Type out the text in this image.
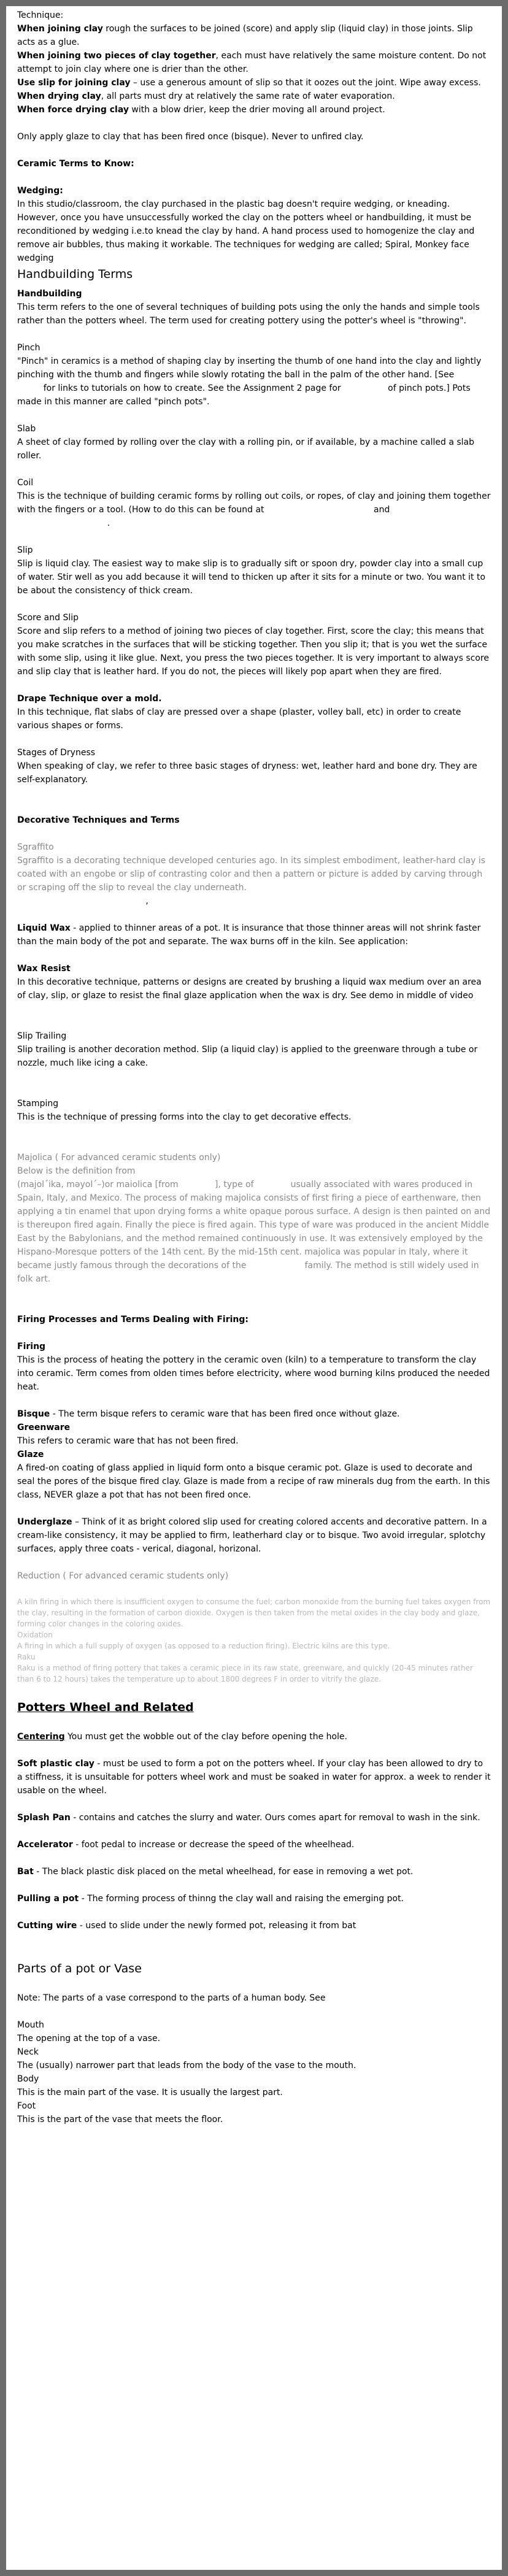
Technique:

When joining clay rough the surfaces to be joined (score) and apply slip (liquid clay) in those joints. Slip acts as a glue.

When joining two pieces of clay together, each must have relatively the same moisture content. Do not attempt to join clay where one is drier than the other.

Use slip for joining clay – use a generous amount of slip so that it oozes out the joint. Wipe away excess.

When drying clay, all parts must dry at relatively the same rate of water evaporation.

When force drying clay with a blow drier, keep the drier moving all around project.

Only apply glaze to clay that has been fired once (bisque). Never to unfired clay.

Ceramic Terms to Know:

Wedging:

In this studio/classroom, the clay purchased in the plastic bag doesn't require wedging, or kneading. However, once you have unsuccessfully worked the clay on the potters wheel or handbuilding, it must be reconditioned by wedging i.e.to knead the clay by hand. A hand process used to homogenize the clay and remove air bubbles, thus making it workable. The techniques for wedging are called; Spiral, Monkey face wedging

Handbuilding Terms

Handbuilding

This term refers to the one of several techniques of building pots using the only the hands and simple tools rather than the potters wheel. The term used for creating pottery using the potter's wheel is "throwing".

Pinch

"Pinch" in ceramics is a method of shaping clay by inserting the thumb of one hand into the clay and lightly pinching with the thumb and fingers while slowly rotating the ball in the palm of the other hand. [See this video for links to tutorials on how to create. See the Assignment 2 page for examples of pinch pots.] Pots made in this manner are called "pinch pots".

Slab

A sheet of clay formed by rolling over the clay with a rolling pin, or if available, by a machine called a slab roller.

Coil

This is the technique of building ceramic forms by rolling out coils, or ropes, of clay and joining them together with the fingers or a tool. (How to do this can be found at this coil building tutorial and this coil pot video tutorial from a potter.

Slip

Slip is liquid clay. The easiest way to make slip is to gradually sift or spoon dry, powder clay into a small cup of water. Stir well as you add because it will tend to thicken up after it sits for a minute or two. You want it to be about the consistency of thick cream.

Score and Slip

Score and slip refers to a method of joining two pieces of clay together. First, score the clay; this means that you make scratches in the surfaces that will be sticking together. Then you slip it; that is you wet the surface with some slip, using it like glue. Next, you press the two pieces together. It is very important to always score and slip clay that is leather hard. If you do not, the pieces will likely pop apart when they are fired.

Drape Technique over a mold.

In this technique, flat slabs of clay are pressed over a shape (plaster, volley ball, etc) in order to create various shapes or forms.

Stages of Dryness

When speaking of clay, we refer to three basic stages of dryness: wet, leather hard and bone dry. They are self-explanatory.

Decorative Techniques and Terms

Sgraffito

Sgraffito is a decorating technique developed centuries ago. In its simplest embodiment, leather-hard clay is coated with an engobe or slip of contrasting color and then a pattern or picture is added by carving through or scraping off the slip to reveal the clay underneath.

Sgraffito demonstration video, See examples

Liquid Wax - applied to thinner areas of a pot. It is insurance that those thinner areas will not shrink faster than the main body of the pot and separate. The wax burns off in the kiln. See application: liquid wax application video link

Wax Resist

In this decorative technique, patterns or designs are created by brushing a liquid wax medium over an area of clay, slip, or glaze to resist the final glaze application when the wax is dry. See demo in middle of video wax resist demo video link

Slip Trailing

Slip trailing is another decoration method. Slip (a liquid clay) is applied to the greenware through a tube or nozzle, much like icing a cake. Slip trailing video link See examples

slip trailing tutorial video link

Stamping

This is the technique of pressing forms into the clay to get decorative effects.

See examples of stamping in ceramics

Majolica ( For advanced ceramic students only)

Below is the definition from Merriam-Webster
(majol´ika, məyol´–)or maiolica [from Majorca], type of pottery usually associated with wares produced in Spain, Italy, and Mexico. The process of making majolica consists of first firing a piece of earthenware, then applying a tin enamel that upon drying forms a white opaque porous surface. A design is then painted on and is thereupon fired again. Finally the piece is fired again. This type of ware was produced in the ancient Middle East by the Babylonians, and the method remained continuously in use. It was extensively employed by the Hispano-Moresque potters of the 14th cent. By the mid-15th cent. majolica was popular in Italy, where it became justly famous through the decorations of the della Robbia family. The method is still widely used in folk art.

Firing Processes and Terms Dealing with Firing:

Firing

This is the process of heating the pottery in the ceramic oven (kiln) to a temperature to transform the clay into ceramic. Term comes from olden times before electricity, where wood burning kilns produced the needed heat.

Bisque - The term bisque refers to ceramic ware that has been fired once without glaze.

Greenware

This refers to ceramic ware that has not been fired.

Glaze

A fired-on coating of glass applied in liquid form onto a bisque ceramic pot. Glaze is used to decorate and seal the pores of the bisque fired clay. Glaze is made from a recipe of raw minerals dug from the earth. In this class, NEVER glaze a pot that has not been fired once.

Underglaze – Think of it as bright colored slip used for creating colored accents and decorative pattern. In a cream-like consistency, it may be applied to firm, leatherhard clay or to bisque. Two avoid irregular, splotchy surfaces, apply three coats - verical, diagonal, horizonal.

Reduction ( For advanced ceramic students only)

A kiln firing in which there is insufficient oxygen to consume the fuel; carbon monoxide from the burning fuel takes oxygen from the clay, resulting in the formation of carbon dioxide. Oxygen is then taken from the metal oxides in the clay body and glaze, forming color changes in the coloring oxides.

Oxidation

A firing in which a full supply of oxygen (as opposed to a reduction firing). Electric kilns are this type.

Raku

Raku is a method of firing pottery that takes a ceramic piece in its raw state, greenware, and quickly (20-45 minutes rather than 6 to 12 hours) takes the temperature up to about 1800 degrees F in order to vitrify the glaze.

Potters Wheel and Related

Centering You must get the wobble out of the clay before opening the hole.

Soft plastic clay - must be used to form a pot on the potters wheel. If your clay has been allowed to dry to a stiffness, it is unsuitable for potters wheel work and must be soaked in water for approx. a week to render it usable on the wheel.

Splash Pan - contains and catches the slurry and water. Ours comes apart for removal to wash in the sink.

Accelerator - foot pedal to increase or decrease the speed of the wheelhead.

Bat - The black plastic disk placed on the metal wheelhead, for ease in removing a wet pot.

Pulling a pot - The forming process of thinng the clay wall and raising the emerging pot.

Cutting wire - used to slide under the newly formed pot, releasing it from bat

Parts of a pot or Vase

Note: The parts of a vase correspond to the parts of a human body. See this diagram

Mouth

The opening at the top of a vase.

Neck

The (usually) narrower part that leads from the body of the vase to the mouth.

Body

This is the main part of the vase. It is usually the largest part.

Foot

This is the part of the vase that meets the floor.
